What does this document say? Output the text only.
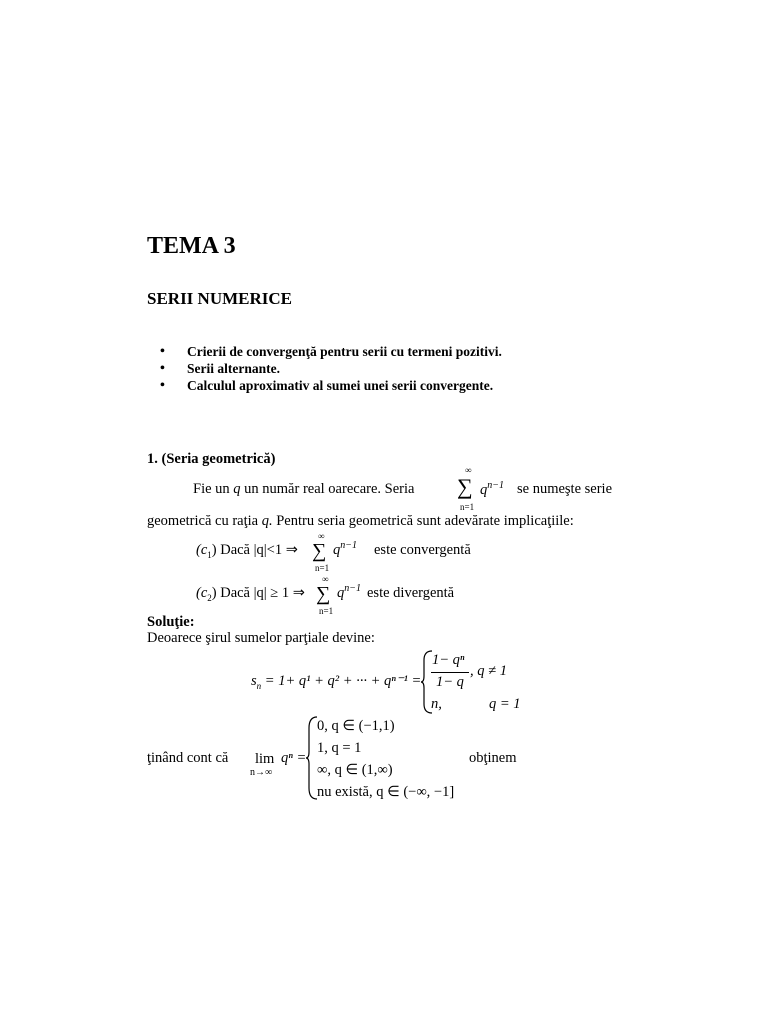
TEMA 3
SERII NUMERICE
• Crierii de convergenţă pentru serii cu termeni pozitivi.
• Serii alternante.
• Calculul aproximativ al sumei unei serii convergente.
1. (Seria geometrică)
Fie un q un număr real oarecare. Seria
∞
∑
n=1
$q^{n-1}$ se numeşte serie
geometrică cu raţia q. Pentru seria geometrică sunt adevărate implicaţiile:
$(c_1)$ Dacă |q|<1 ⇒
∞
∑
n=1
$q^{n-1}$ este convergentă
$(c_2)$ Dacă |q| ≥ 1 ⇒
∞
∑
n=1
$q^{n-1}$ este divergentă
Soluţie:
Deoarece şirul sumelor parţiale devine:
$s_n = 1+ q^1 + q^2$ + ··· + qⁿ⁻¹ =
1− qⁿ
1− q
, q ≠ 1
n,	q = 1
ţinând cont că lim
n→∞
qⁿ =
0, q ∈ (−1,1)
1, q = 1
∞, q ∈ (1,∞)
nu există, q ∈ (−∞, −1]
obţinem
